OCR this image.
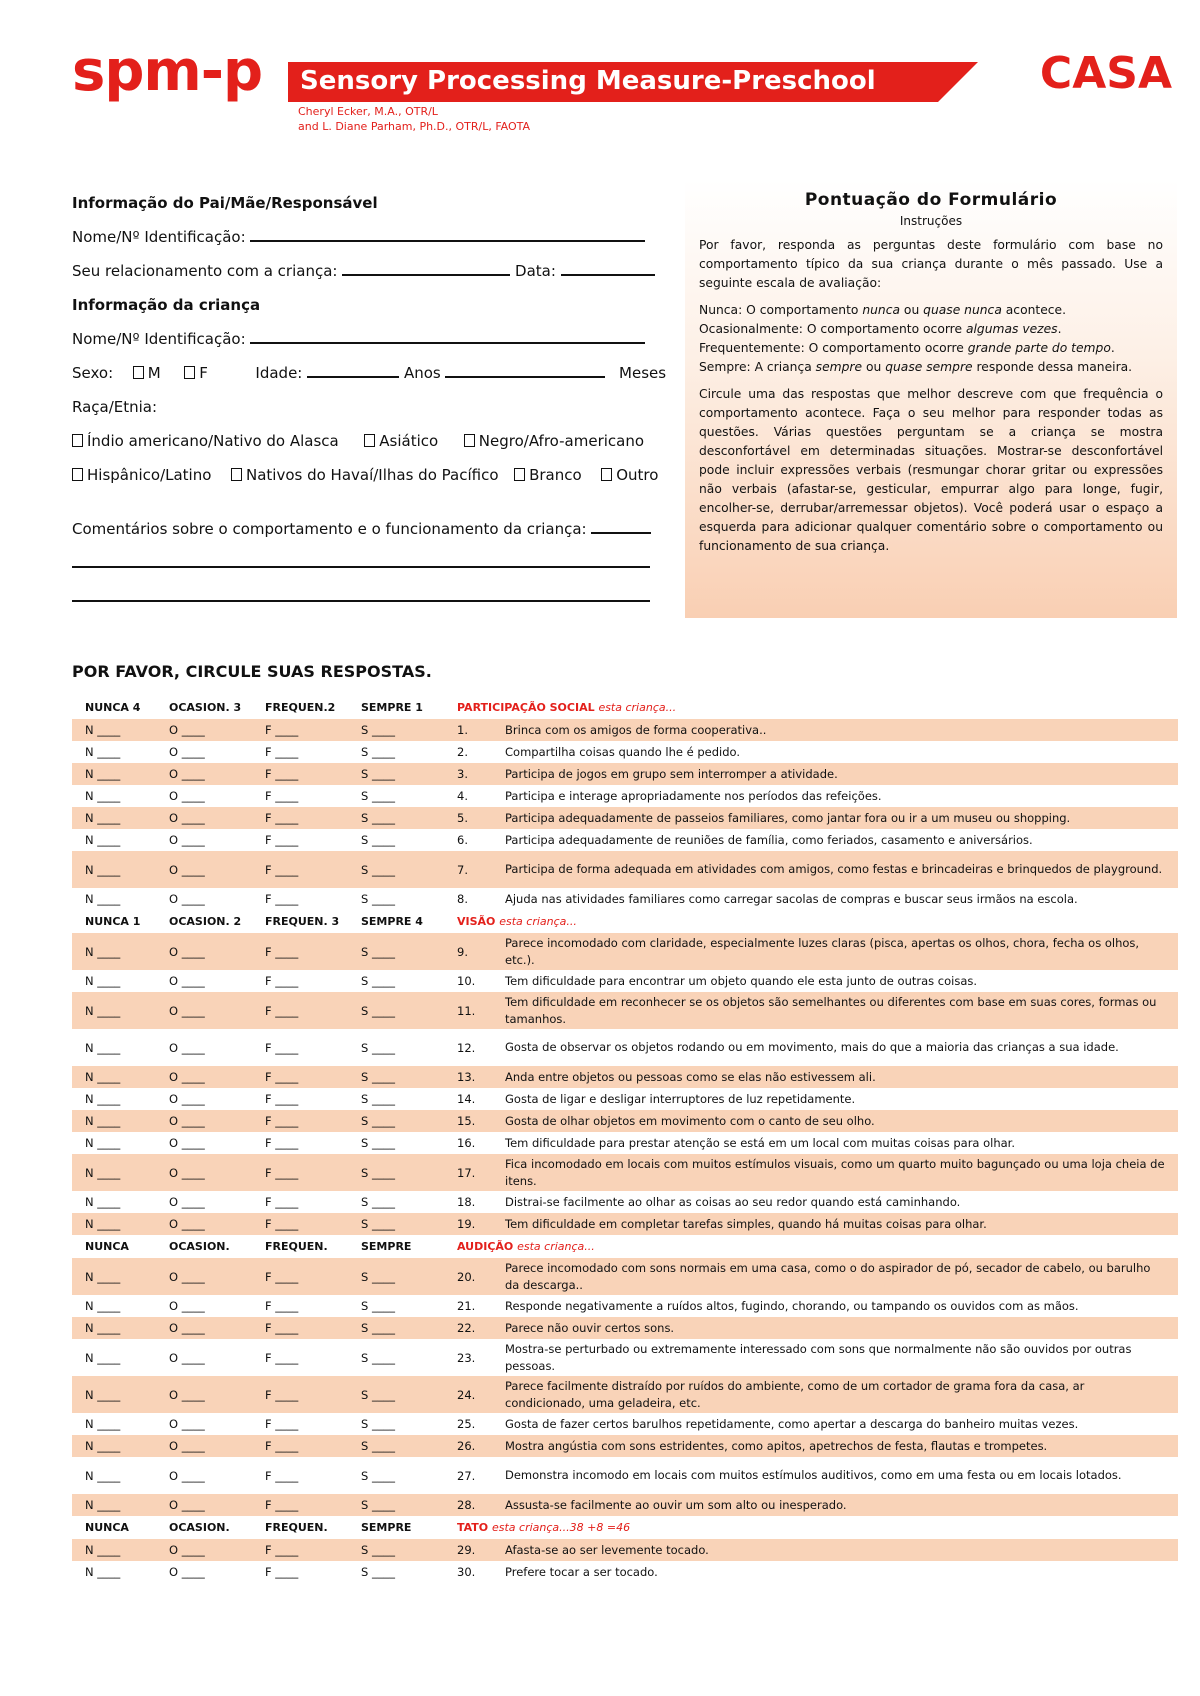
spm-p Sensory Processing Measure-Preschool	CASA
Cheryl Ecker, M.A., OTR/L
and L. Diane Parham, Ph.D., OTR/L, FAOTA
Informação do Pai/Mãe/Responsável
Nome/Nº Identificação:
Seu relacionamento com a criança:	Data:
Informação da criança
Nome/Nº Identificação:
Sexo: M	F	Idade:	Anos	Meses
Raça/Etnia:
Índio americano/Nativo do Alasca	Asiático	Negro/Afro-americano
Hispânico/Latino Nativos do Havaí/Ilhas do Pacífico Branco Outro
Comentários sobre o comportamento e o funcionamento da criança:
Pontuação do Formulário
Instruções
Por favor, responda as perguntas deste formulário com base no comportamento típico da sua criança durante o mês passado. Use a seguinte escala de avaliação:
Nunca: O comportamento nunca ou quase nunca acontece.
Ocasionalmente: O comportamento ocorre algumas vezes.
Frequentemente: O comportamento ocorre grande parte do tempo.
Sempre: A criança sempre ou quase sempre responde dessa maneira.
Circule uma das respostas que melhor descreve com que frequência o comportamento acontece. Faça o seu melhor para responder todas as questões. Várias questões perguntam se a criança se mostra desconfortável em determinadas situações. Mostrar-se desconfortável pode incluir expressões verbais (resmungar chorar gritar ou expressões não verbais (afastar-se, gesticular, empurrar algo para longe, fugir, encolher-se, derrubar/arremessar objetos). Você poderá usar o espaço a esquerda para adicionar qualquer comentário sobre o comportamento ou funcionamento de sua criança.
POR FAVOR, CIRCULE SUAS RESPOSTAS.
NUNCA 4	OCASION. 3	FREQUEN.2	SEMPRE 1	PARTICIPAÇÃO SOCIAL esta criança...
N ____	O ____	F ____	S ____	1.	Brinca com os amigos de forma cooperativa..
N ____	O ____	F ____	S ____	2.	Compartilha coisas quando lhe é pedido.
N ____	O ____	F ____	S ____	3.	Participa de jogos em grupo sem interromper a atividade.
N ____	O ____	F ____	S ____	4.	Participa e interage apropriadamente nos períodos das refeições.
N ____	O ____	F ____	S ____	5.	Participa adequadamente de passeios familiares, como jantar fora ou ir a um museu ou shopping.
N ____	O ____	F ____	S ____	6.	Participa adequadamente de reuniões de família, como feriados, casamento e aniversários.
N ____	O ____	F ____	S ____	7.	Participa de forma adequada em atividades com amigos, como festas e brincadeiras e brinquedos de playground.
N ____	O ____	F ____	S ____	8.	Ajuda nas atividades familiares como carregar sacolas de compras e buscar seus irmãos na escola.
NUNCA 1	OCASION. 2	FREQUEN. 3	SEMPRE 4	VISÃO esta criança...
N ____	O ____	F ____	S ____	9.
Parece incomodado com claridade, especialmente luzes claras (pisca, apertas os olhos, chora, fecha os olhos, etc.).
N ____	O ____	F ____	S ____	10.	Tem dificuldade para encontrar um objeto quando ele esta junto de outras coisas.
N ____	O ____	F ____	S ____	11.
Tem dificuldade em reconhecer se os objetos são semelhantes ou diferentes com base em suas cores, formas ou tamanhos.
N ____	O ____	F ____	S ____	12.	Gosta de observar os objetos rodando ou em movimento, mais do que a maioria das crianças a sua idade.
N ____	O ____	F ____	S ____	13.	Anda entre objetos ou pessoas como se elas não estivessem ali.
N ____	O ____	F ____	S ____	14.	Gosta de ligar e desligar interruptores de luz repetidamente.
N ____	O ____	F ____	S ____	15.	Gosta de olhar objetos em movimento com o canto de seu olho.
N ____	O ____	F ____	S ____	16.	Tem dificuldade para prestar atenção se está em um local com muitas coisas para olhar.
N ____	O ____	F ____	S ____	17.
Fica incomodado em locais com muitos estímulos visuais, como um quarto muito bagunçado ou uma loja cheia de itens.
N ____	O ____	F ____	S ____	18.	Distrai-se facilmente ao olhar as coisas ao seu redor quando está caminhando.
N ____	O ____	F ____	S ____	19.	Tem dificuldade em completar tarefas simples, quando há muitas coisas para olhar.
NUNCA	OCASION.	FREQUEN.	SEMPRE	AUDIÇÃO esta criança...
N ____	O ____	F ____	S ____	20.
Parece incomodado com sons normais em uma casa, como o do aspirador de pó, secador de cabelo, ou barulho da descarga..
N ____	O ____	F ____	S ____	21.	Responde negativamente a ruídos altos, fugindo, chorando, ou tampando os ouvidos com as mãos.
N ____	O ____	F ____	S ____	22.	Parece não ouvir certos sons.
N ____	O ____	F ____	S ____	23.
Mostra-se perturbado ou extremamente interessado com sons que normalmente não são ouvidos por outras pessoas.
N ____	O ____	F ____	S ____	24.
Parece facilmente distraído por ruídos do ambiente, como de um cortador de grama fora da casa, ar condicionado, uma geladeira, etc.
N ____	O ____	F ____	S ____	25.	Gosta de fazer certos barulhos repetidamente, como apertar a descarga do banheiro muitas vezes.
N ____	O ____	F ____	S ____	26.	Mostra angústia com sons estridentes, como apitos, apetrechos de festa, flautas e trompetes.
N ____	O ____	F ____	S ____	27.	Demonstra incomodo em locais com muitos estímulos auditivos, como em uma festa ou em locais lotados.
N ____	O ____	F ____	S ____	28.	Assusta-se facilmente ao ouvir um som alto ou inesperado.
NUNCA	OCASION.	FREQUEN.	SEMPRE	TATO esta criança...38 +8 =46
N ____	O ____	F ____	S ____	29.	Afasta-se ao ser levemente tocado.
N ____	O ____	F ____	S ____	30.	Prefere tocar a ser tocado.
